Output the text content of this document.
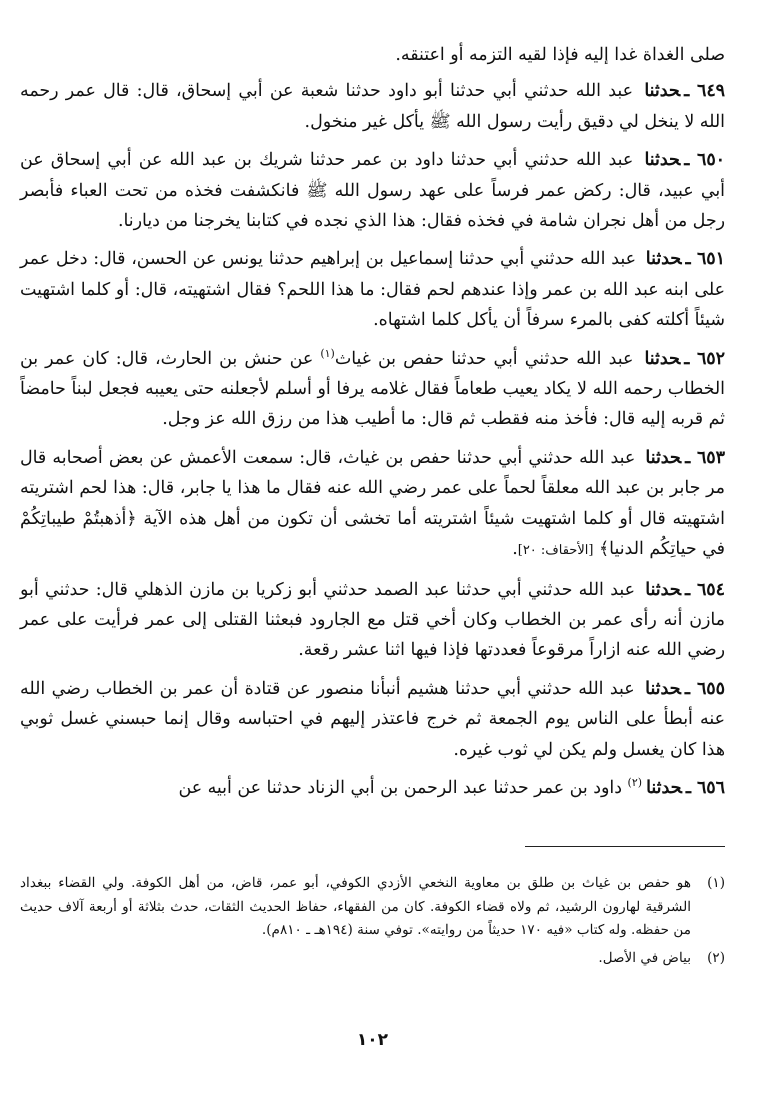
صلى الغداة غدا إليه فإذا لقيه التزمه أو اعتنقه.

٦٤٩ ـحدثنا عبد الله حدثني أبي حدثنا أبو داود حدثنا شعبة عن أبي إسحاق، قال: قال عمر رحمه الله لا ينخل لي دقيق رأيت رسول الله ﷺ يأكل غير منخول.

٦٥٠ ـحدثنا عبد الله حدثني أبي حدثنا داود بن عمر حدثنا شريك بن عبد الله عن أبي إسحاق عن أبي عبيد، قال: ركض عمر فرساً على عهد رسول الله ﷺ فانكشفت فخذه من تحت العباء فأبصر رجل من أهل نجران شامة في فخذه فقال: هذا الذي نجده في كتابنا يخرجنا من ديارنا.

٦٥١ ـحدثنا عبد الله حدثني أبي حدثنا إسماعيل بن إبراهيم حدثنا يونس عن الحسن، قال: دخل عمر على ابنه عبد الله بن عمر وإذا عندهم لحم فقال: ما هذا اللحم؟ فقال اشتهيته، قال: أو كلما اشتهيت شيئاً أكلته كفى بالمرء سرفاً أن يأكل كلما اشتهاه.

٦٥٢ ـحدثنا عبد الله حدثني أبي حدثنا حفص بن غياث$^{(١)}$ عن حنش بن الحارث، قال: كان عمر بن الخطاب رحمه الله لا يكاد يعيب طعاماً فقال غلامه يرفا أو أسلم لأجعلنه حتى يعيبه فجعل لبناً حامضاً ثم قربه إليه قال: فأخذ منه فقطب ثم قال: ما أطيب هذا من رزق الله عز وجل.

٦٥٣ ـحدثنا عبد الله حدثني أبي حدثنا حفص بن غياث، قال: سمعت الأعمش عن بعض أصحابه قال مر جابر بن عبد الله معلقاً لحماً على عمر رضي الله عنه فقال ما هذا يا جابر، قال: هذا لحم اشتريته اشتهيته قال أو كلما اشتهيت شيئاً اشتريته أما تخشى أن تكون من أهل هذه الآية ﴿أذهبتُمْ طيباتِكُمْ في حياتِكُم الدنيا﴾ [الأحقاف: ٢٠].

٦٥٤ ـحدثنا عبد الله حدثني أبي حدثنا عبد الصمد حدثني أبو زكريا بن مازن الذهلي قال: حدثني أبو مازن أنه رأى عمر بن الخطاب وكان أخي قتل مع الجارود فبعثنا القتلى إلى عمر فرأيت على عمر رضي الله عنه ازاراً مرقوعاً فعددتها فإذا فيها اثنا عشر رقعة.

٦٥٥ ـحدثنا عبد الله حدثني أبي حدثنا هشيم أنبأنا منصور عن قتادة أن عمر بن الخطاب رضي الله عنه أبطأ على الناس يوم الجمعة ثم خرج فاعتذر إليهم في احتباسه وقال إنما حبسني غسل ثوبي هذا كان يغسل ولم يكن لي ثوب غيره.

٦٥٦ ـحدثنا$^{(٢)}$ داود بن عمر حدثنا عبد الرحمن بن أبي الزناد حدثنا عن أبيه عن

(١)
هو حفص بن غياث بن طلق بن معاوية النخعي الأزدي الكوفي، أبو عمر، قاض، من أهل الكوفة. ولي القضاء ببغداد الشرقية لهارون الرشيد، ثم ولاه قضاء الكوفة. كان من الفقهاء، حفاظ الحديث الثقات، حدث بثلاثة أو أربعة آلاف حديث من حفظه. وله كتاب «فيه ١٧٠ حديثاً من روايته». توفي سنة (١٩٤هـ ـ ٨١٠م).
(٢)
بياض في الأصل.
١٠٢
